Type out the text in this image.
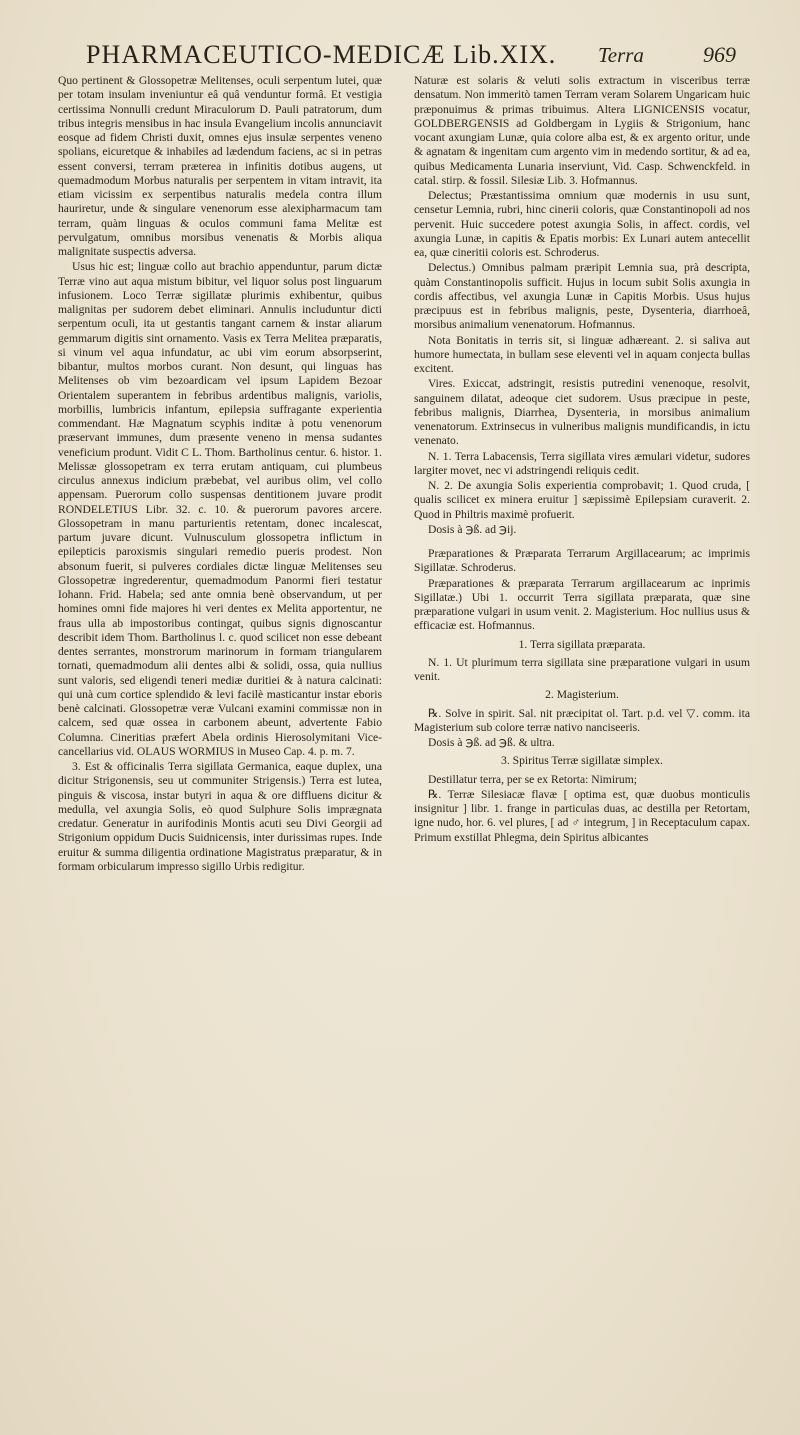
PHARMACEUTICO-MEDICÆ Lib.XIX. Terra	969

Quo pertinent & Glossopetræ Melitenses, oculi serpentum lutei, quæ per totam insulam inveniuntur eâ quâ venduntur formâ. Et vestigia certissima Nonnulli credunt Miraculorum D. Pauli patratorum, dum tribus integris mensibus in hac insula Evangelium incolis annunciavit eosque ad fidem Christi duxit, omnes ejus insulæ serpentes veneno spolians, eicuretque & inhabiles ad lædendum faciens, ac si in petras essent conversi, terram præterea in infinitis dotibus augens, ut quemadmodum Morbus naturalis per serpentem in vitam intravit, ita etiam vicissim ex serpentibus naturalis medela contra illum hauriretur, unde & singulare venenorum esse alexipharmacum tam terram, quàm linguas & oculos communi fama Melitæ est pervulgatum, omnibus morsibus venenatis & Morbis aliqua malignitate suspectis adversa.

Usus hic est; linguæ collo aut brachio appenduntur, parum dictæ Terræ vino aut aqua mistum bibitur, vel liquor solus post linguarum infusionem. Loco Terræ sigillatæ plurimis exhibentur, quibus malignitas per sudorem debet eliminari. Annulis includuntur dicti serpentum oculi, ita ut gestantis tangant carnem & instar aliarum gemmarum digitis sint ornamento. Vasis ex Terra Melitea præparatis, si vinum vel aqua infundatur, ac ubi vim eorum absorpserint, bibantur, multos morbos curant. Non desunt, qui linguas has Melitenses ob vim bezoardicam vel ipsum Lapidem Bezoar Orientalem superantem in febribus ardentibus malignis, variolis, morbillis, lumbricis infantum, epilepsia suffragante experientia commendant. Hæ Magnatum scyphis inditæ à potu venenorum præservant immunes, dum præsente veneno in mensa sudantes veneficium produnt. Vidit C L. Thom. Bartholinus centur. 6. histor. 1. Melissæ glossopetram ex terra erutam antiquam, cui plumbeus circulus annexus indicium præbebat, vel auribus olim, vel collo appensam. Puerorum collo suspensas dentitionem juvare prodit RONDELETIUS Libr. 32. c. 10. & puerorum pavores arcere. Glossopetram in manu parturientis retentam, donec incalescat, partum juvare dicunt. Vulnusculum glossopetra inflictum in epilepticis paroxismis singulari remedio pueris prodest. Non absonum fuerit, si pulveres cordiales dictæ linguæ Melitenses seu Glossopetræ ingrederentur, quemadmodum Panormi fieri testatur Iohann. Frid. Habela; sed ante omnia benè observandum, ut per homines omni fide majores hi veri dentes ex Melita apportentur, ne fraus ulla ab impostoribus contingat, quibus signis dignoscantur describit idem Thom. Bartholinus l. c. quod scilicet non esse debeant dentes serrantes, monstrorum marinorum in formam triangularem tornati, quemadmodum alii dentes albi & solidi, ossa, quia nullius sunt valoris, sed eligendi teneri mediæ duritiei & à natura calcinati: qui unà cum cortice splendido & levi facilè masticantur instar eboris benè calcinati. Glossopetræ veræ Vulcani examini commissæ non in calcem, sed quæ ossea in carbonem abeunt, advertente Fabio Columna. Cineritias præfert Abela ordinis Hierosolymitani Vice-cancellarius vid. OLAUS WORMIUS in Museo Cap. 4. p. m. 7.

3. Est & officinalis Terra sigillata Germanica, eaque duplex, una dicitur Strigonensis, seu ut communiter Strigensis.) Terra est lutea, pinguis & viscosa, instar butyri in aqua & ore diffluens dicitur & medulla, vel axungia Solis, eò quod Sulphure Solis imprægnata credatur. Generatur in aurifodinis Montis acuti seu Divi Georgii ad Strigonium oppidum Ducis Suidnicensis, inter durissimas rupes. Inde eruitur & summa diligentia ordinatione Magistratus præparatur, & in formam orbicularum impresso sigillo Urbis redigitur.

Naturæ est solaris & veluti solis extractum in visceribus terræ densatum. Non immeritò tamen Terram veram Solarem Ungaricam huic præponuimus & primas tribuimus. Altera LIGNICENSIS vocatur, GOLDBERGENSIS ad Goldbergam in Lygiis & Strigonium, hanc vocant axungiam Lunæ, quia colore alba est, & ex argento oritur, unde & agnatam & ingenitam cum argento vim in medendo sortitur, & ad ea, quibus Medicamenta Lunaria inserviunt, Vid. Casp. Schwenckfeld. in catal. stirp. & fossil. Silesiæ Lib. 3. Hofmannus.

Delectus; Præstantissima omnium quæ modernis in usu sunt, censetur Lemnia, rubri, hinc cinerii coloris, quæ Constantinopoli ad nos pervenit. Huic succedere potest axungia Solis, in affect. cordis, vel axungia Lunæ, in capitis & Epatis morbis: Ex Lunari autem antecellit ea, quæ cineritii coloris est. Schroderus.

Delectus.) Omnibus palmam præripit Lemnia sua, prà descripta, quàm Constantinopolis sufficit. Hujus in locum subit Solis axungia in cordis affectibus, vel axungia Lunæ in Capitis Morbis. Usus hujus præcipuus est in febribus malignis, peste, Dysenteria, diarrhoeâ, morsibus animalium venenatorum. Hofmannus.

Nota Bonitatis in terris sit, si linguæ adhæreant. 2. si saliva aut humore humectata, in bullam sese eleventi vel in aquam conjecta bullas excitent.

Vires. Exiccat, adstringit, resistis putredini venenoque, resolvit, sanguinem dilatat, adeoque ciet sudorem. Usus præcipue in peste, febribus malignis, Diarrhea, Dysenteria, in morsibus animalium venenatorum. Extrinsecus in vulneribus malignis mundificandis, in ictu venenato.

N. 1. Terra Labacensis, Terra sigillata vires æmulari videtur, sudores largiter movet, nec vi adstringendi reliquis cedit.

N. 2. De axungia Solis experientia comprobavit; 1. Quod cruda, [ qualis scilicet ex minera eruitur ] sæpissimè Epilepsiam curaverit. 2. Quod in Philtris maximè profuerit.

Dosis à ℈ß. ad ℈ij.

Præparationes & Præparata Terrarum Argillacearum; ac imprimis Sigillatæ. Schroderus.

Præparationes & præparata Terrarum argillacearum ac inprimis Sigillatæ.) Ubi 1. occurrit Terra sigillata præparata, quæ sine præparatione vulgari in usum venit. 2. Magisterium. Hoc nullius usus & efficaciæ est. Hofmannus.

1. Terra sigillata præparata.

N. 1. Ut plurimum terra sigillata sine præparatione vulgari in usum venit.

2. Magisterium.

℞. Solve in spirit. Sal. nit præcipitat ol. Tart. p.d. vel ▽. comm. ita Magisterium sub colore terræ nativo nanciseeris.

Dosis à ℈ß. ad ℈ß. & ultra.

3. Spiritus Terræ sigillatæ simplex.

Destillatur terra, per se ex Retorta: Nimirum;

℞. Terræ Silesiacæ flavæ [ optima est, quæ duobus monticulis insignitur ] libr. 1. frange in particulas duas, ac destilla per Retortam, igne nudo, hor. 6. vel plures, [ ad ♂ integrum, ] in Receptaculum capax. Primum exstillat Phlegma, dein Spiritus albicantes
